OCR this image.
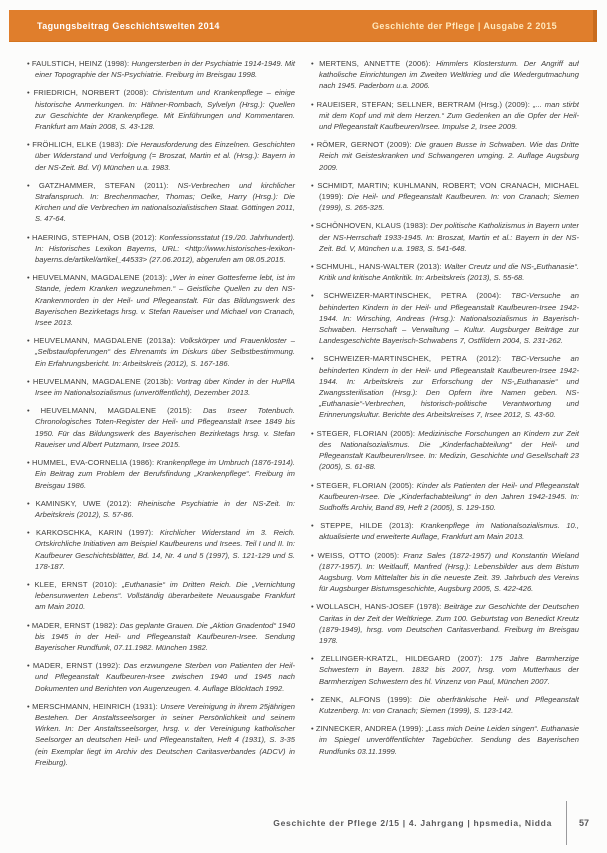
Tagungsbeitrag Geschichtswelten 2014	Geschichte der Pflege | Ausgabe 2 2015

• FAULSTICH, HEINZ (1998): Hungersterben in der Psychiatrie 1914-1949. Mit einer Topographie der NS-Psychiatrie. Freiburg im Breisgau 1998.

• FRIEDRICH, NORBERT (2008): Christentum und Krankenpflege – einige historische Anmerkungen. In: Hähner-Rombach, Sylvelyn (Hrsg.): Quellen zur Geschichte der Krankenpflege. Mit Einführungen und Kommentaren. Frankfurt am Main 2008, S. 43-128.

• FRÖHLICH, ELKE (1983): Die Herausforderung des Einzelnen. Geschichten über Widerstand und Verfolgung (= Broszat, Martin et al. (Hrsg.): Bayern in der NS-Zeit. Bd. VI) München u.a. 1983.

• GATZHAMMER, STEFAN (2011): NS-Verbrechen und kirchlicher Strafanspruch. In: Brechenmacher, Thomas; Oelke, Harry (Hrsg.): Die Kirchen und die Verbrechen im nationalsozialistischen Staat. Göttingen 2011, S. 47-64.

• HAERING, STEPHAN, OSB (2012): Konfessionsstatut (19./20. Jahrhundert). In: Historisches Lexikon Bayerns, URL: <http://www.historisches-lexikon-bayerns.de/artikel/artikel_44533> (27.06.2012), abgerufen am 08.05.2015.

• HEUVELMANN, MAGDALENE (2013): „Wer in einer Gottesferne lebt, ist im Stande, jedem Kranken wegzunehmen.“ – Geistliche Quellen zu den NS-Krankenmorden in der Heil- und Pflegeanstalt. Für das Bildungswerk des Bayerischen Bezirketags hrsg. v. Stefan Raueiser und Michael von Cranach, Irsee 2013.

• HEUVELMANN, MAGDALENE (2013a): Volkskörper und Frauenkloster – „Selbstaufopferungen“ des Ehrenamts im Diskurs über Selbstbestimmung. Ein Erfahrungsbericht. In: Arbeitskreis (2012), S. 167-186.

• HEUVELMANN, MAGDALENE (2013b): Vortrag über Kinder in der HuPflA Irsee im Nationalsozialismus (unveröffentlicht), Dezember 2013.

• HEUVELMANN, MAGDALENE (2015): Das Irseer Totenbuch. Chronologisches Toten-Register der Heil- und Pflegeanstalt Irsee 1849 bis 1950. Für das Bildungswerk des Bayerischen Bezirketags hrsg. v. Stefan Raueiser und Albert Putzmann, Irsee 2015.

• HUMMEL, EVA-CORNELIA (1986): Krankenpflege im Umbruch (1876-1914). Ein Beitrag zum Problem der Berufsfindung „Krankenpflege“. Freiburg im Breisgau 1986.

• KAMINSKY, UWE (2012): Rheinische Psychiatrie in der NS-Zeit. In: Arbeitskreis (2012), S. 57-86.

• KARKOSCHKA, KARIN (1997): Kirchlicher Widerstand im 3. Reich. Ortskirchliche Initiativen am Beispiel Kaufbeurens und Irsees. Teil I und II. In: Kaufbeurer Geschichtsblätter, Bd. 14, Nr. 4 und 5 (1997), S. 121-129 und S. 178-187.

• KLEE, ERNST (2010): „Euthanasie“ im Dritten Reich. Die „Vernichtung lebensunwerten Lebens“. Vollständig überarbeitete Neuausgabe Frankfurt am Main 2010.

• MADER, ERNST (1982): Das geplante Grauen. Die „Aktion Gnadentod“ 1940 bis 1945 in der Heil- und Pflegeanstalt Kaufbeuren-Irsee. Sendung Bayerischer Rundfunk, 07.11.1982. München 1982.

• MADER, ERNST (1992): Das erzwungene Sterben von Patienten der Heil- und Pflegeanstalt Kaufbeuren-Irsee zwischen 1940 und 1945 nach Dokumenten und Berichten von Augenzeugen. 4. Auflage Blöcktach 1992.

• MERSCHMANN, HEINRICH (1931): Unsere Vereinigung in ihrem 25jährigen Bestehen. Der Anstaltsseelsorger in seiner Persönlichkeit und seinem Wirken. In: Der Anstaltsseelsorger, hrsg. v. der Vereinigung katholischer Seelsorger an deutschen Heil- und Pflegeanstalten, Heft 4 (1931), S. 3-35 (ein Exemplar liegt im Archiv des Deutschen Caritasverbandes (ADCV) in Freiburg).

• MERTENS, ANNETTE (2006): Himmlers Klostersturm. Der Angriff auf katholische Einrichtungen im Zweiten Weltkrieg und die Wiedergutmachung nach 1945. Paderborn u.a. 2006.

• RAUEISER, STEFAN; SELLNER, BERTRAM (Hrsg.) (2009): „... man stirbt mit dem Kopf und mit dem Herzen.“ Zum Gedenken an die Opfer der Heil- und Pflegeanstalt Kaufbeuren/Irsee. Impulse 2, Irsee 2009.

• RÖMER, GERNOT (2009): Die grauen Busse in Schwaben. Wie das Dritte Reich mit Geisteskranken und Schwangeren umging. 2. Auflage Augsburg 2009.

• SCHMIDT, MARTIN; KUHLMANN, ROBERT; VON CRANACH, MICHAEL (1999): Die Heil- und Pflegeanstalt Kaufbeuren. In: von Cranach; Siemen (1999), S. 265-325.

• SCHÖNHOVEN, KLAUS (1983): Der politische Katholizismus in Bayern unter der NS-Herrschaft 1933-1945. In: Broszat, Martin et al.: Bayern in der NS-Zeit. Bd. V, München u.a. 1983, S. 541-648.

• SCHMUHL, HANS-WALTER (2013): Walter Creutz und die NS-„Euthanasie“. Kritik und kritische Antikritik. In: Arbeitskreis (2013), S. 55-68.

• SCHWEIZER-MARTINSCHEK, PETRA (2004): TBC-Versuche an behinderten Kindern in der Heil- und Pflegeanstalt Kaufbeuren-Irsee 1942-1944. In: Wirsching, Andreas (Hrsg.): Nationalsozialismus in Bayerisch-Schwaben. Herrschaft – Verwaltung – Kultur. Augsburger Beiträge zur Landesgeschichte Bayerisch-Schwabens 7, Ostfildern 2004, S. 231-262.

• SCHWEIZER-MARTINSCHEK, PETRA (2012): TBC-Versuche an behinderten Kindern in der Heil- und Pflegeanstalt Kaufbeuren-Irsee 1942-1944. In: Arbeitskreis zur Erforschung der NS-„Euthanasie“ und Zwangssterilisation (Hrsg.): Den Opfern ihre Namen geben. NS-„Euthanasie“-Verbrechen, historisch-politische Verantwortung und Erinnerungskultur. Berichte des Arbeitskreises 7, Irsee 2012, S. 43-60.

• STEGER, FLORIAN (2005): Medizinische Forschungen an Kindern zur Zeit des Nationalsozialismus. Die „Kinderfachabteilung“ der Heil- und Pflegeanstalt Kaufbeuren/Irsee. In: Medizin, Geschichte und Gesellschaft 23 (2005), S. 61-88.

• STEGER, FLORIAN (2005): Kinder als Patienten der Heil- und Pflegeanstalt Kaufbeuren-Irsee. Die „Kinderfachabteilung“ in den Jahren 1942-1945. In: Sudhoffs Archiv, Band 89, Heft 2 (2005), S. 129-150.

• STEPPE, HILDE (2013): Krankenpflege im Nationalsozialismus. 10., aktualisierte und erweiterte Auflage, Frankfurt am Main 2013.

• WEISS, OTTO (2005): Franz Sales (1872-1957) und Konstantin Wieland (1877-1957). In: Weitlauff, Manfred (Hrsg.): Lebensbilder aus dem Bistum Augsburg. Vom Mittelalter bis in die neueste Zeit. 39. Jahrbuch des Vereins für Augsburger Bistumsgeschichte, Augsburg 2005, S. 422-426.

• WOLLASCH, HANS-JOSEF (1978): Beiträge zur Geschichte der Deutschen Caritas in der Zeit der Weltkriege. Zum 100. Geburtstag von Benedict Kreutz (1879-1949), hrsg. vom Deutschen Caritasverband. Freiburg im Breisgau 1978.

• ZELLINGER-KRATZL, HILDEGARD (2007): 175 Jahre Barmherzige Schwestern in Bayern. 1832 bis 2007, hrsg. vom Mutterhaus der Barmherzigen Schwestern des hl. Vinzenz von Paul, München 2007.

• ZENK, ALFONS (1999): Die oberfränkische Heil- und Pflegeanstalt Kutzenberg. In: von Cranach; Siemen (1999), S. 123-142.

• ZINNECKER, ANDREA (1999): „Lass mich Deine Leiden singen“. Euthanasie im Spiegel unveröffentlichter Tagebücher. Sendung des Bayerischen Rundfunks 03.11.1999.

Geschichte der Pflege 2/15 | 4. Jahrgang | hpsmedia, Nidda	57
